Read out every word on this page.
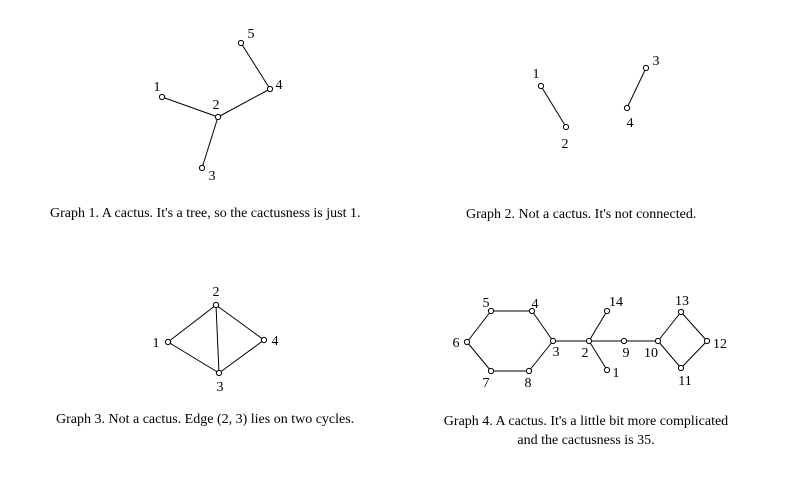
1
2
3
4
5
1
2
3
4
1
2
3
4
1
2
3
4
5
6
7	8
9 10
11
12
13
14
Graph 1. A cactus. It's a tree, so the cactusness is just 1.	Graph 2. Not a cactus. It's not connected.
Graph 3. Not a cactus. Edge (2, 3) lies on two cycles.	Graph 4. A cactus. It's a little bit more complicated
and the cactusness is 35.
